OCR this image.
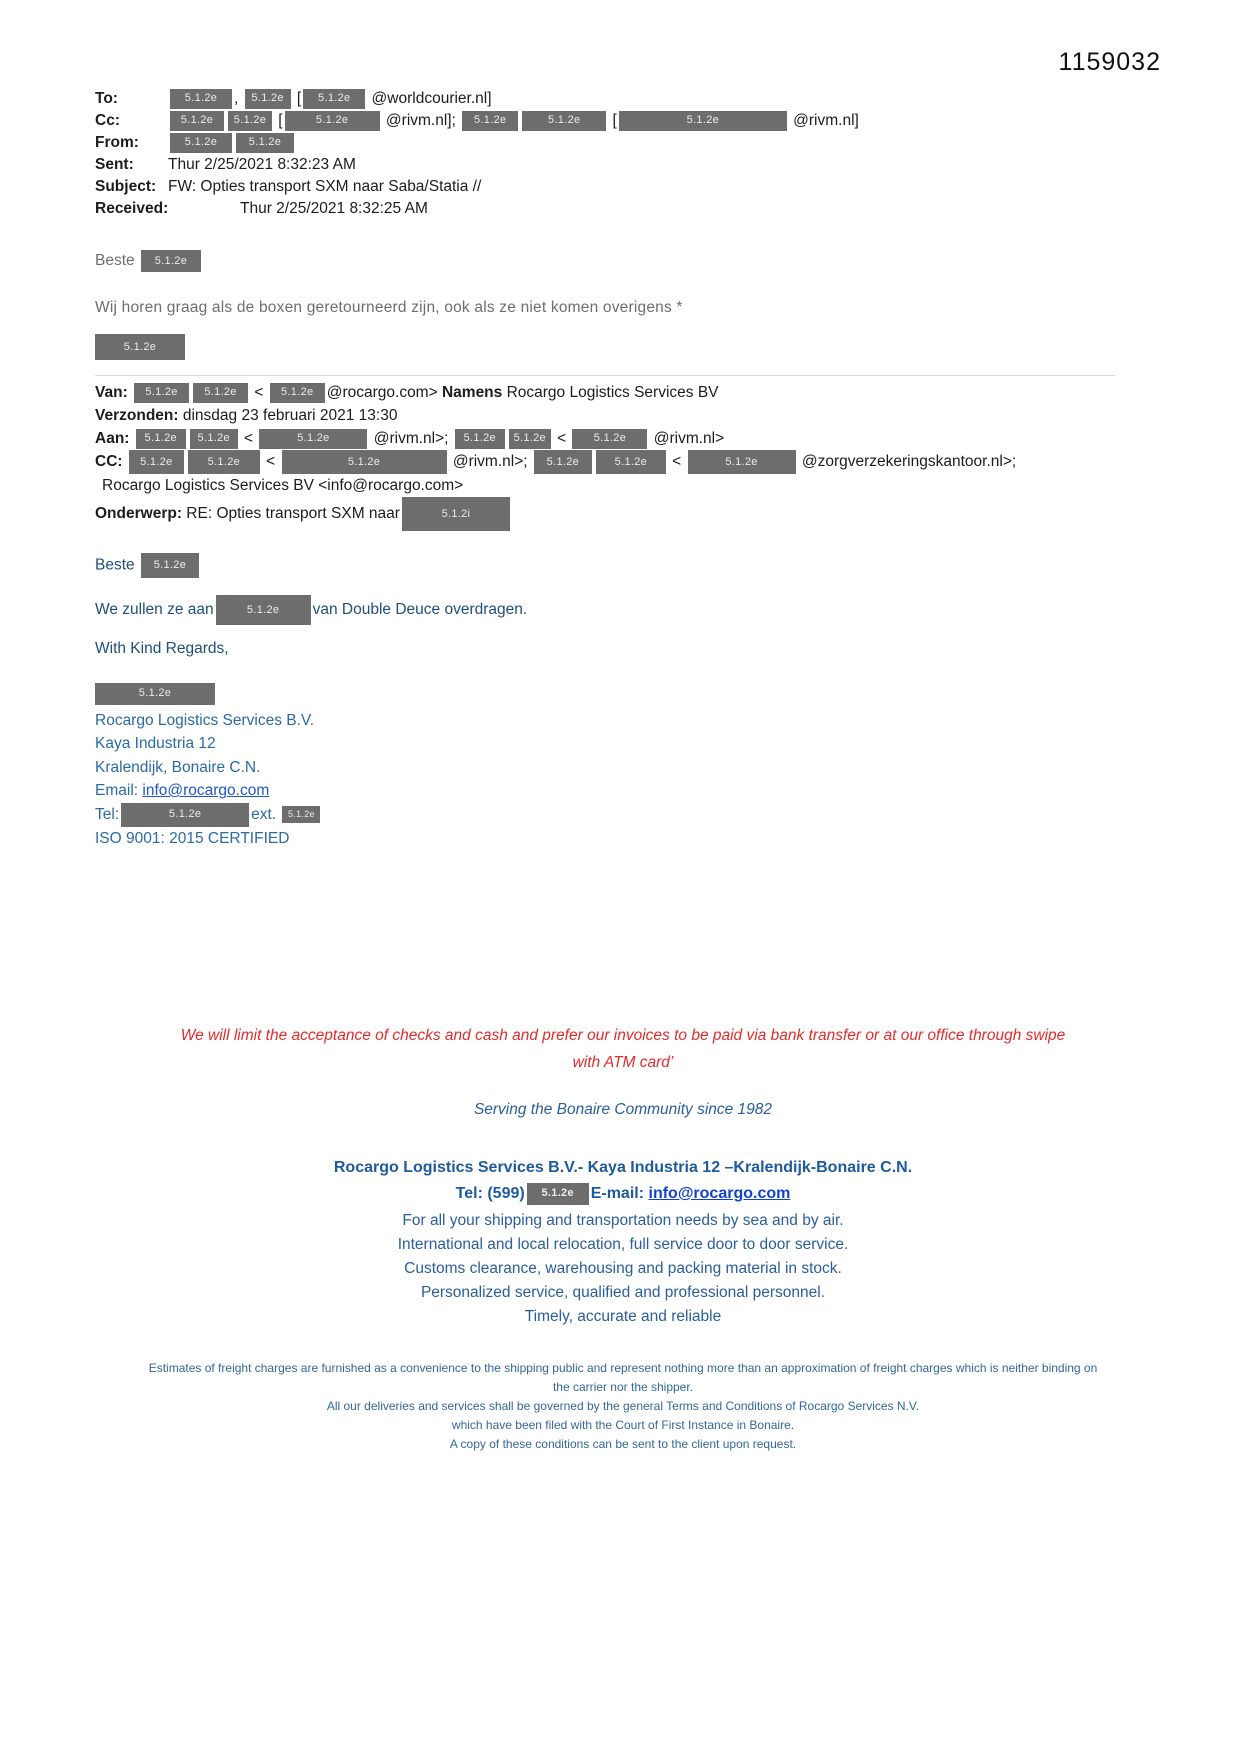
1159032
To:	5.1.2e , 5.1.2e [ 5.1.2e @worldcourier.nl]
Cc:	5.1.2e 5.1.2e [	5.1.2e @rivm.nl]; 5.1.2e	5.1.2e [	5.1.2e	@rivm.nl]
From:	5.1.2e	5.1.2e
Sent:	Thur 2/25/2021 8:32:23 AM
Subject: FW: Opties transport SXM naar Saba/Statia //
Received:	Thur 2/25/2021 8:32:25 AM
Beste 5.1.2e
Wij horen graag als de boxen geretourneerd zijn, ook als ze niet komen overigens *
5.1.2e
Van: 5.1.2e 5.1.2e < 5.1.2e @rocargo.com> Namens Rocargo Logistics Services BV
Verzonden: dinsdag 23 februari 2021 13:30
Aan: 5.1.2e 5.1.2e <	5.1.2e	@rivm.nl>; 5.1.2e 5.1.2e < 5.1.2e @rivm.nl>
CC: 5.1.2e	5.1.2e <	5.1.2e	@rivm.nl>; 5.1.2e	5.1.2e <	5.1.2e	@zorgverzekeringskantoor.nl>;
Rocargo Logistics Services BV <info@rocargo.com>
Onderwerp: RE: Opties transport SXM naar	5.1.2i
Beste 5.1.2e
We zullen ze aan	5.1.2e van Double Deuce overdragen.
With Kind Regards,
5.1.2e
Rocargo Logistics Services B.V.
Kaya Industria 12
Kralendijk, Bonaire C.N.
Email: info@rocargo.com
Tel:	5.1.2e	ext. 5.1.2e
ISO 9001: 2015 CERTIFIED
We will limit the acceptance of checks and cash and prefer our invoices to be paid via bank transfer or at our office through swipe
with ATM card’
Serving the Bonaire Community since 1982
Rocargo Logistics Services B.V.- Kaya Industria 12 –Kralendijk-Bonaire C.N.
Tel: (599) 5.1.2e E-mail: info@rocargo.com
For all your shipping and transportation needs by sea and by air.
International and local relocation, full service door to door service.
Customs clearance, warehousing and packing material in stock.
Personalized service, qualified and professional personnel.
Timely, accurate and reliable
Estimates of freight charges are furnished as a convenience to the shipping public and represent nothing more than an approximation of freight charges which is neither binding on
the carrier nor the shipper.
All our deliveries and services shall be governed by the general Terms and Conditions of Rocargo Services N.V.
which have been filed with the Court of First Instance in Bonaire.
A copy of these conditions can be sent to the client upon request.
